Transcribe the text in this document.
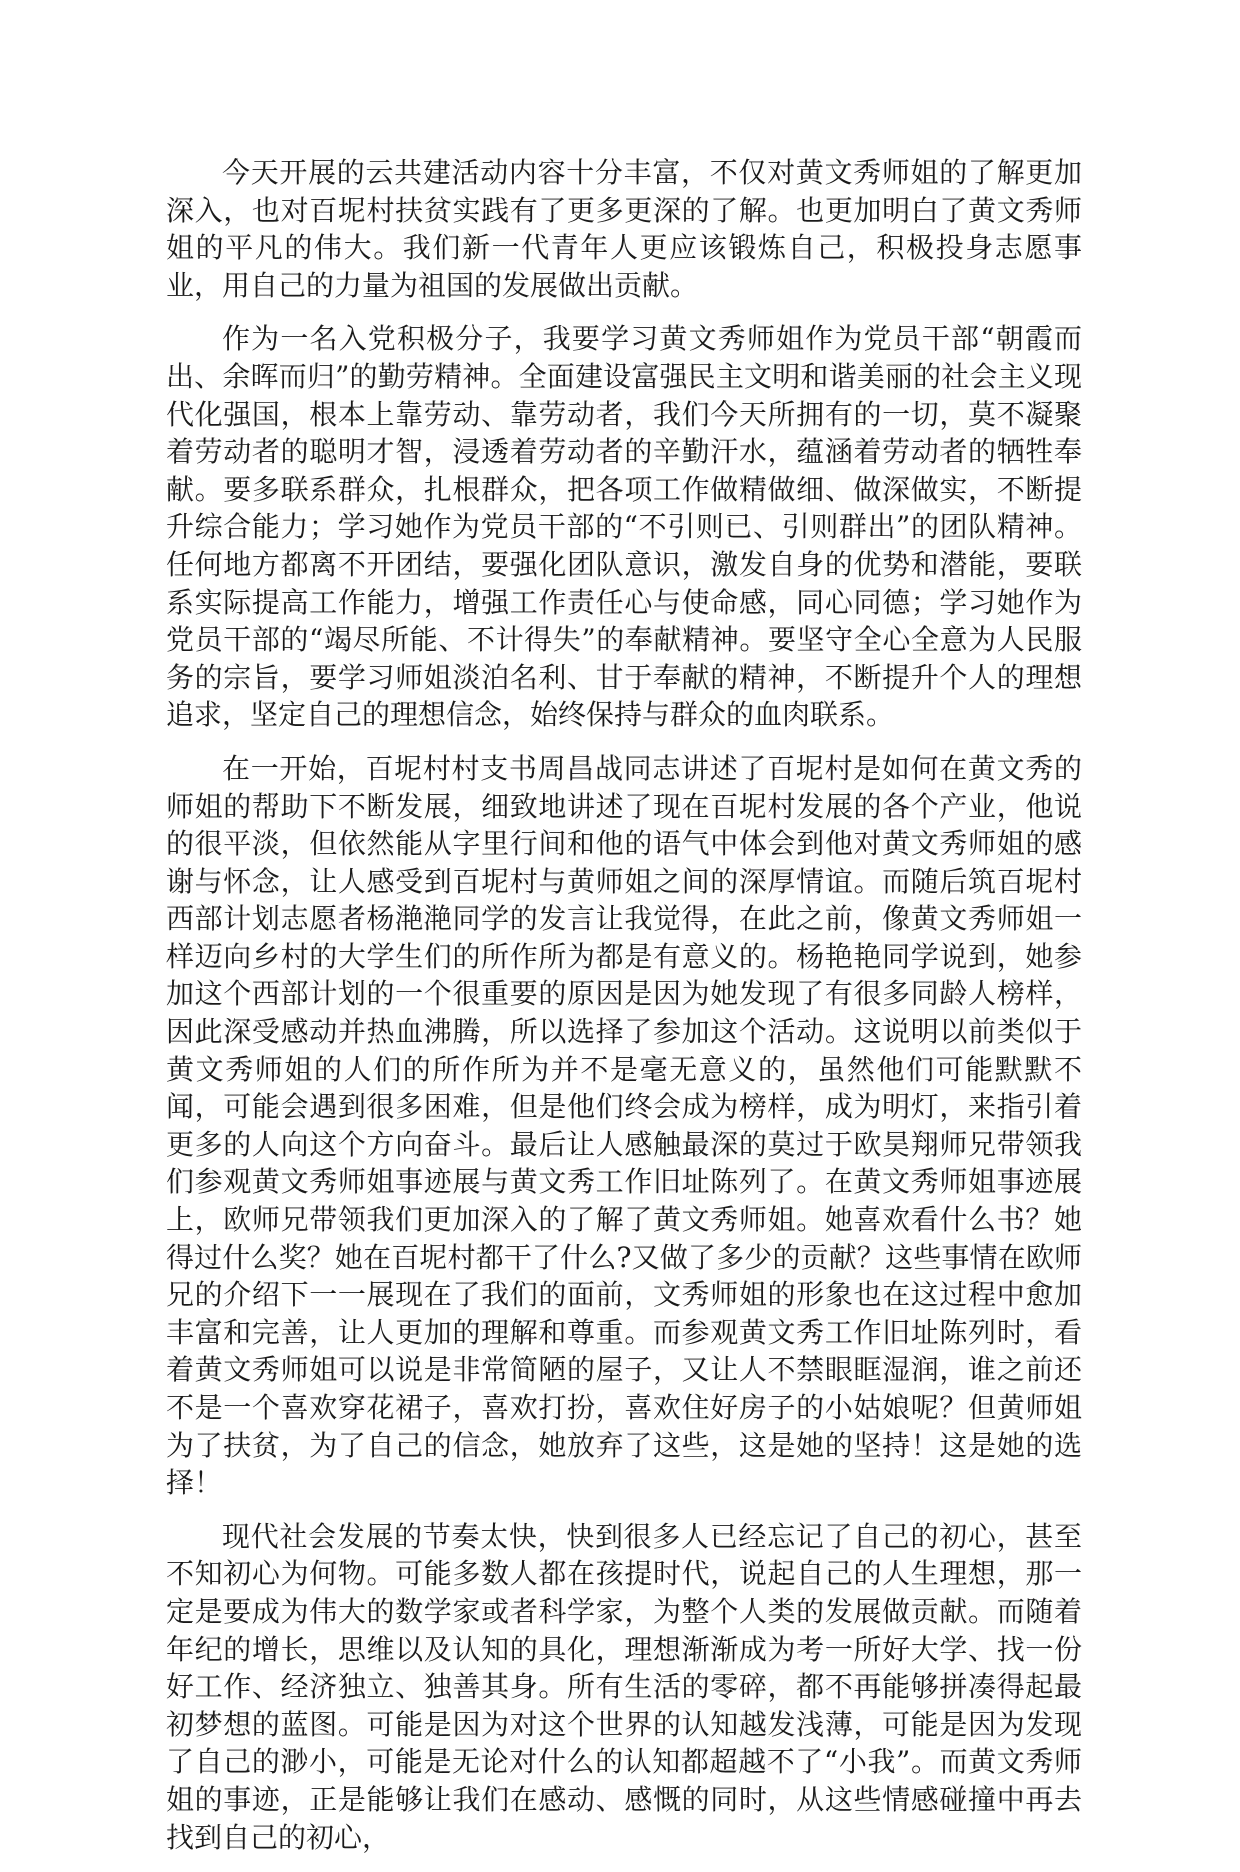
今天开展的云共建活动内容十分丰富，不仅对黄文秀师姐的了解更加深入，也对百坭村扶贫实践有了更多更深的了解。也更加明白了黄文秀师姐的平凡的伟大。我们新一代青年人更应该锻炼自己，积极投身志愿事业，用自己的力量为祖国的发展做出贡献。

作为一名入党积极分子，我要学习黄文秀师姐作为党员干部“朝霞而出、余晖而归”的勤劳精神。全面建设富强民主文明和谐美丽的社会主义现代化强国，根本上靠劳动、靠劳动者，我们今天所拥有的一切，莫不凝聚着劳动者的聪明才智，浸透着劳动者的辛勤汗水，蕴涵着劳动者的牺牲奉献。要多联系群众，扎根群众，把各项工作做精做细、做深做实，不断提升综合能力；学习她作为党员干部的“不引则已、引则群出”的团队精神。任何地方都离不开团结，要强化团队意识，激发自身的优势和潜能，要联系实际提高工作能力，增强工作责任心与使命感，同心同德；学习她作为党员干部的“竭尽所能、不计得失”的奉献精神。要坚守全心全意为人民服务的宗旨，要学习师姐淡泊名利、甘于奉献的精神，不断提升个人的理想追求，坚定自己的理想信念，始终保持与群众的血肉联系。

在一开始，百坭村村支书周昌战同志讲述了百坭村是如何在黄文秀的师姐的帮助下不断发展，细致地讲述了现在百坭村发展的各个产业，他说的很平淡，但依然能从字里行间和他的语气中体会到他对黄文秀师姐的感谢与怀念，让人感受到百坭村与黄师姐之间的深厚情谊。而随后筑百坭村西部计划志愿者杨滟滟同学的发言让我觉得，在此之前，像黄文秀师姐一样迈向乡村的大学生们的所作所为都是有意义的。杨艳艳同学说到，她参加这个西部计划的一个很重要的原因是因为她发现了有很多同龄人榜样，因此深受感动并热血沸腾，所以选择了参加这个活动。这说明以前类似于黄文秀师姐的人们的所作所为并不是毫无意义的，虽然他们可能默默不闻，可能会遇到很多困难，但是他们终会成为榜样，成为明灯，来指引着更多的人向这个方向奋斗。最后让人感触最深的莫过于欧昊翔师兄带领我们参观黄文秀师姐事迹展与黄文秀工作旧址陈列了。在黄文秀师姐事迹展上，欧师兄带领我们更加深入的了解了黄文秀师姐。她喜欢看什么书？她得过什么奖？她在百坭村都干了什么?又做了多少的贡献？这些事情在欧师兄的介绍下一一展现在了我们的面前，文秀师姐的形象也在这过程中愈加丰富和完善，让人更加的理解和尊重。而参观黄文秀工作旧址陈列时，看着黄文秀师姐可以说是非常简陋的屋子，又让人不禁眼眶湿润，谁之前还不是一个喜欢穿花裙子，喜欢打扮，喜欢住好房子的小姑娘呢？但黄师姐为了扶贫，为了自己的信念，她放弃了这些，这是她的坚持！这是她的选择！

现代社会发展的节奏太快，快到很多人已经忘记了自己的初心，甚至不知初心为何物。可能多数人都在孩提时代，说起自己的人生理想，那一定是要成为伟大的数学家或者科学家，为整个人类的发展做贡献。而随着年纪的增长，思维以及认知的具化，理想渐渐成为考一所好大学、找一份好工作、经济独立、独善其身。所有生活的零碎，都不再能够拼凑得起最初梦想的蓝图。可能是因为对这个世界的认知越发浅薄，可能是因为发现了自己的渺小，可能是无论对什么的认知都超越不了“小我”。而黄文秀师姐的事迹，正是能够让我们在感动、感慨的同时，从这些情感碰撞中再去找到自己的初心，
